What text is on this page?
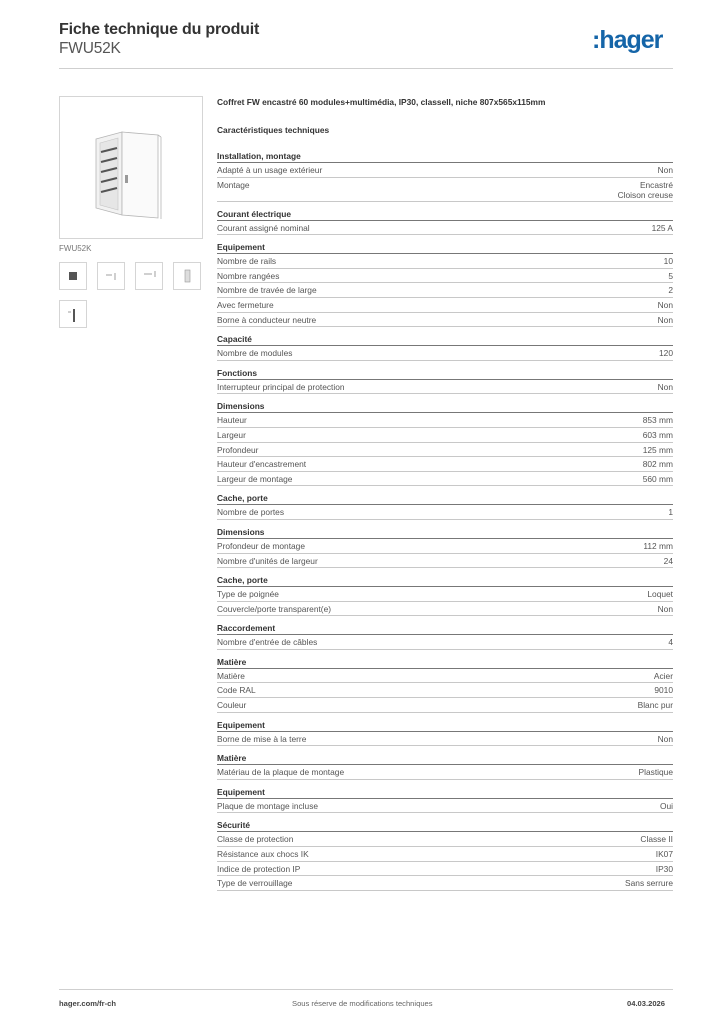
Fiche technique du produit
FWU52K	:hager
FWU52K
Coffret FW encastré 60 modules+multimédia, IP30, classeII, niche 807x565x115mm
Caractéristiques techniques
Installation, montage
Adapté à un usage extérieur	Non
Montage	Encastré
Cloison creuse
Courant électrique
Courant assigné nominal	125 A
Equipement
Nombre de rails	10
Nombre rangées	5
Nombre de travée de large	2
Avec fermeture	Non
Borne à conducteur neutre	Non
Capacité
Nombre de modules	120
Fonctions
Interrupteur principal de protection	Non
Dimensions
Hauteur	853 mm
Largeur	603 mm
Profondeur	125 mm
Hauteur d'encastrement	802 mm
Largeur de montage	560 mm
Cache, porte
Nombre de portes	1
Dimensions
Profondeur de montage	112 mm
Nombre d'unités de largeur	24
Cache, porte
Type de poignée	Loquet
Couvercle/porte transparent(e)	Non
Raccordement
Nombre d'entrée de câbles	4
Matière
Matière	Acier
Code RAL	9010
Couleur	Blanc pur
Equipement
Borne de mise à la terre	Non
Matière
Matériau de la plaque de montage	Plastique
Equipement
Plaque de montage incluse	Oui
Sécurité
Classe de protection	Classe II
Résistance aux chocs IK	IK07
Indice de protection IP	IP30
Type de verrouillage	Sans serrure
hager.com/fr-ch	Sous réserve de modifications techniques	04.03.2026
